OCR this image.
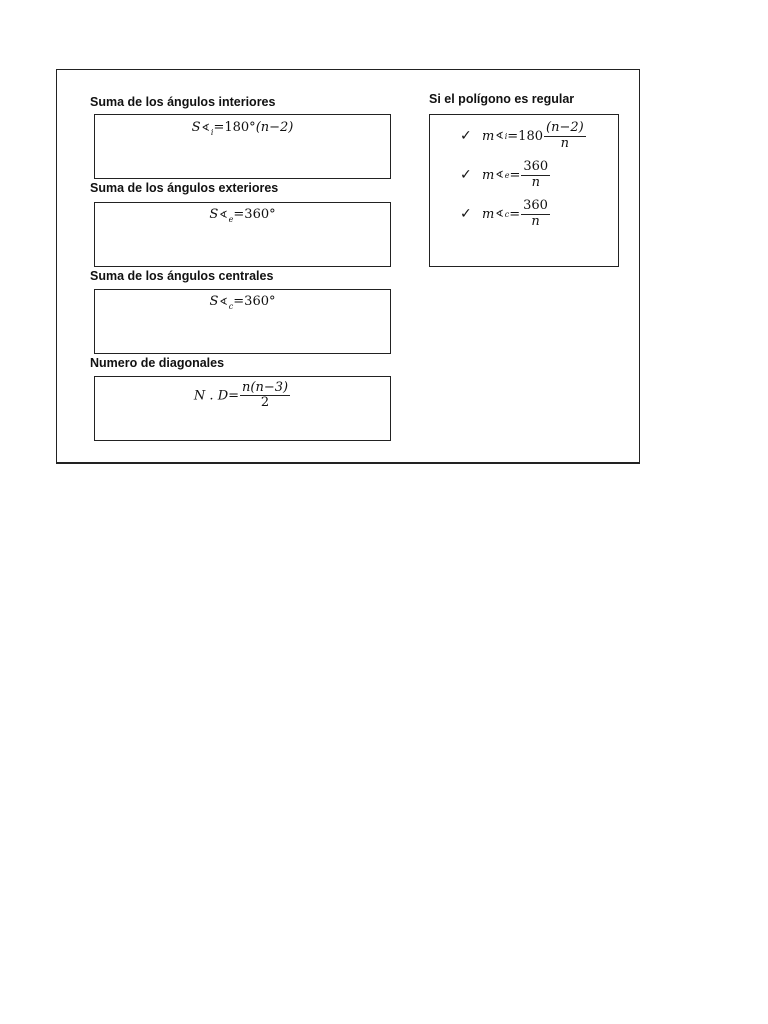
Suma de los ángulos interiores
$S∢_i=180^\circ(n-2)$
Suma de los ángulos exteriores
$S∢_e=360^\circ$
Suma de los ángulos centrales
$S∢_c=360^\circ$
Numero de diagonales
N . $D= \frac{n(n-3)}{2}$
Si el polígono es regular
✓ m ∢ $i =180 \frac{(n-2)}{n}$
✓ m ∢ $e = \frac{360}{n}$
✓ m ∢ $c = \frac{360}{n}$
